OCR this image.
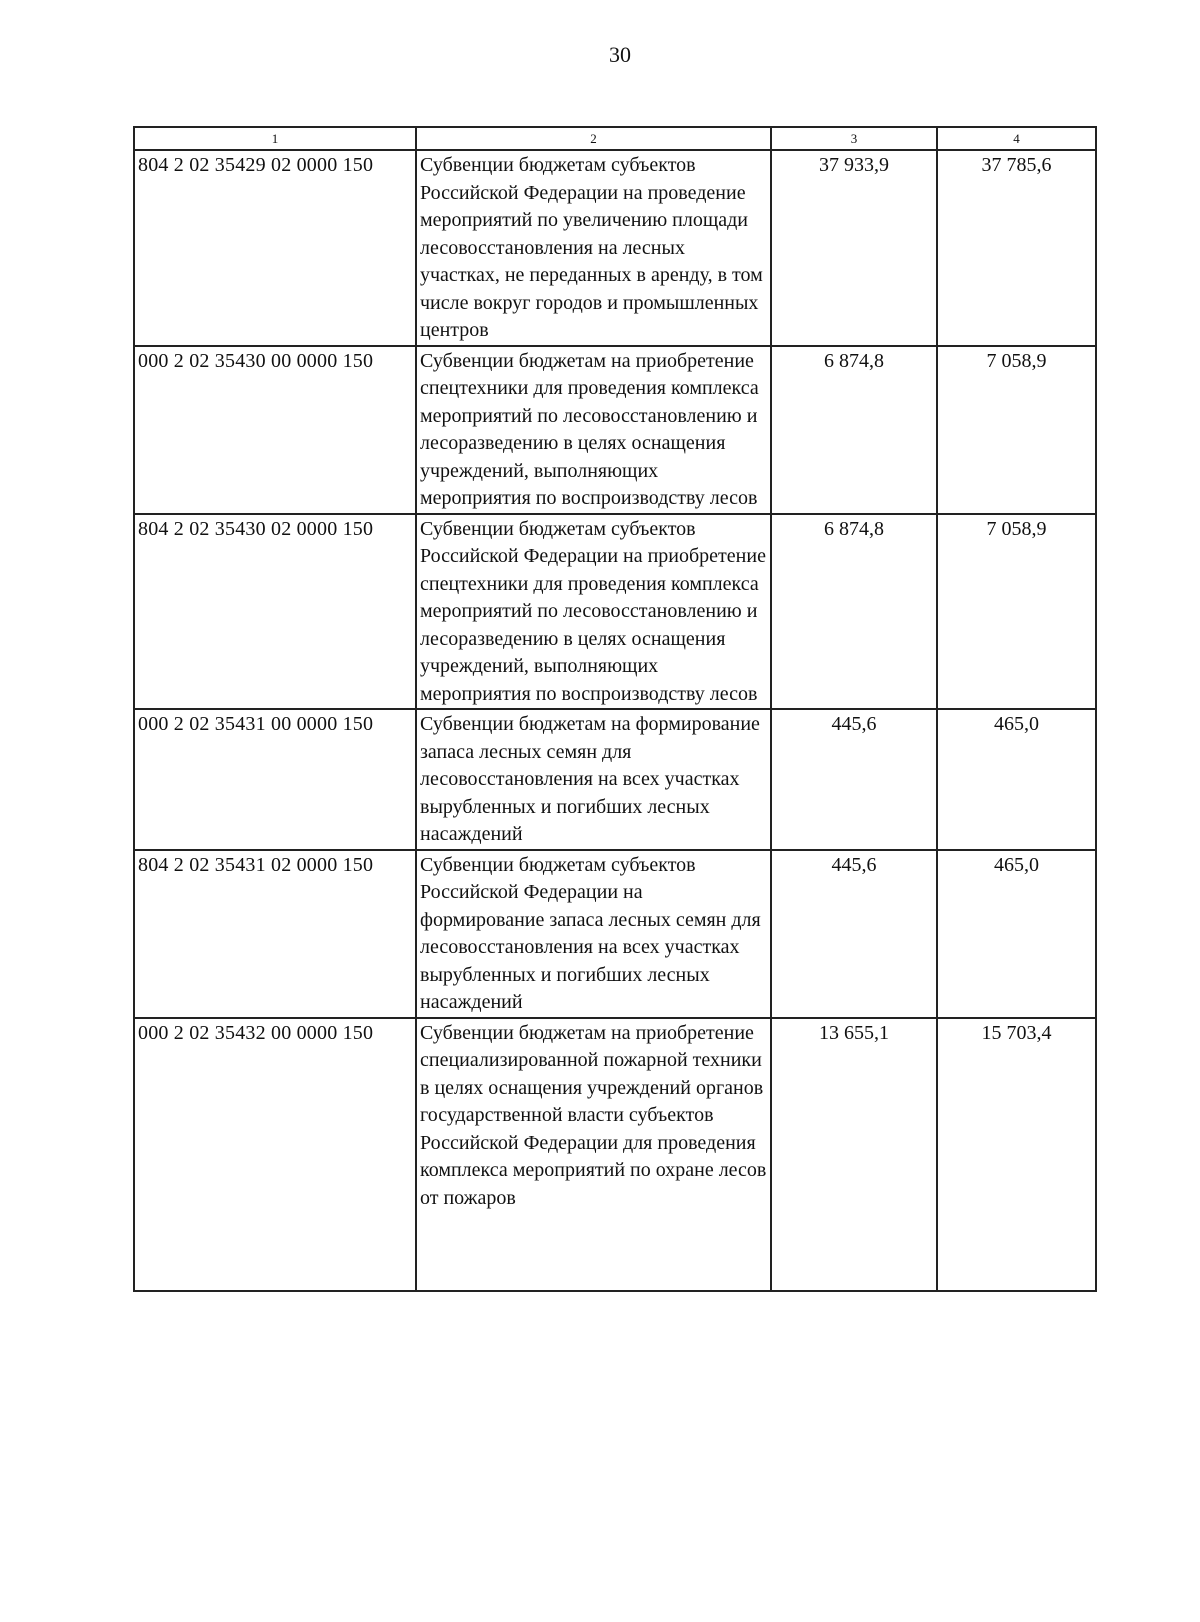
30
1	2	3	4
804 2 02 35429 02 0000 150	Субвенции бюджетам субъектов Российской Федерации на проведение мероприятий по увеличению площади лесовосстановления на лесных участках, не переданных в аренду, в том числе вокруг городов и промышленных центров	37 933,9	37 785,6
000 2 02 35430 00 0000 150	Субвенции бюджетам на приобретение спецтехники для проведения комплекса мероприятий по лесовосстановлению и лесоразведению в целях оснащения учреждений, выполняющих мероприятия по воспроизводству лесов	6 874,8	7 058,9
804 2 02 35430 02 0000 150	Субвенции бюджетам субъектов Российской Федерации на приобретение спецтехники для проведения комплекса мероприятий по лесовосстановлению и лесоразведению в целях оснащения учреждений, выполняющих мероприятия по воспроизводству лесов	6 874,8	7 058,9
000 2 02 35431 00 0000 150	Субвенции бюджетам на формирование запаса лесных семян для лесовосстановления на всех участках вырубленных и погибших лесных насаждений	445,6	465,0
804 2 02 35431 02 0000 150	Субвенции бюджетам субъектов Российской Федерации на формирование запаса лесных семян для лесовосстановления на всех участках вырубленных и погибших лесных насаждений	445,6	465,0
000 2 02 35432 00 0000 150	Субвенции бюджетам на приобретение специализированной пожарной техники в целях оснащения учреждений органов государственной власти субъектов Российской Федерации для проведения комплекса мероприятий по охране лесов от пожаров	13 655,1	15 703,4
